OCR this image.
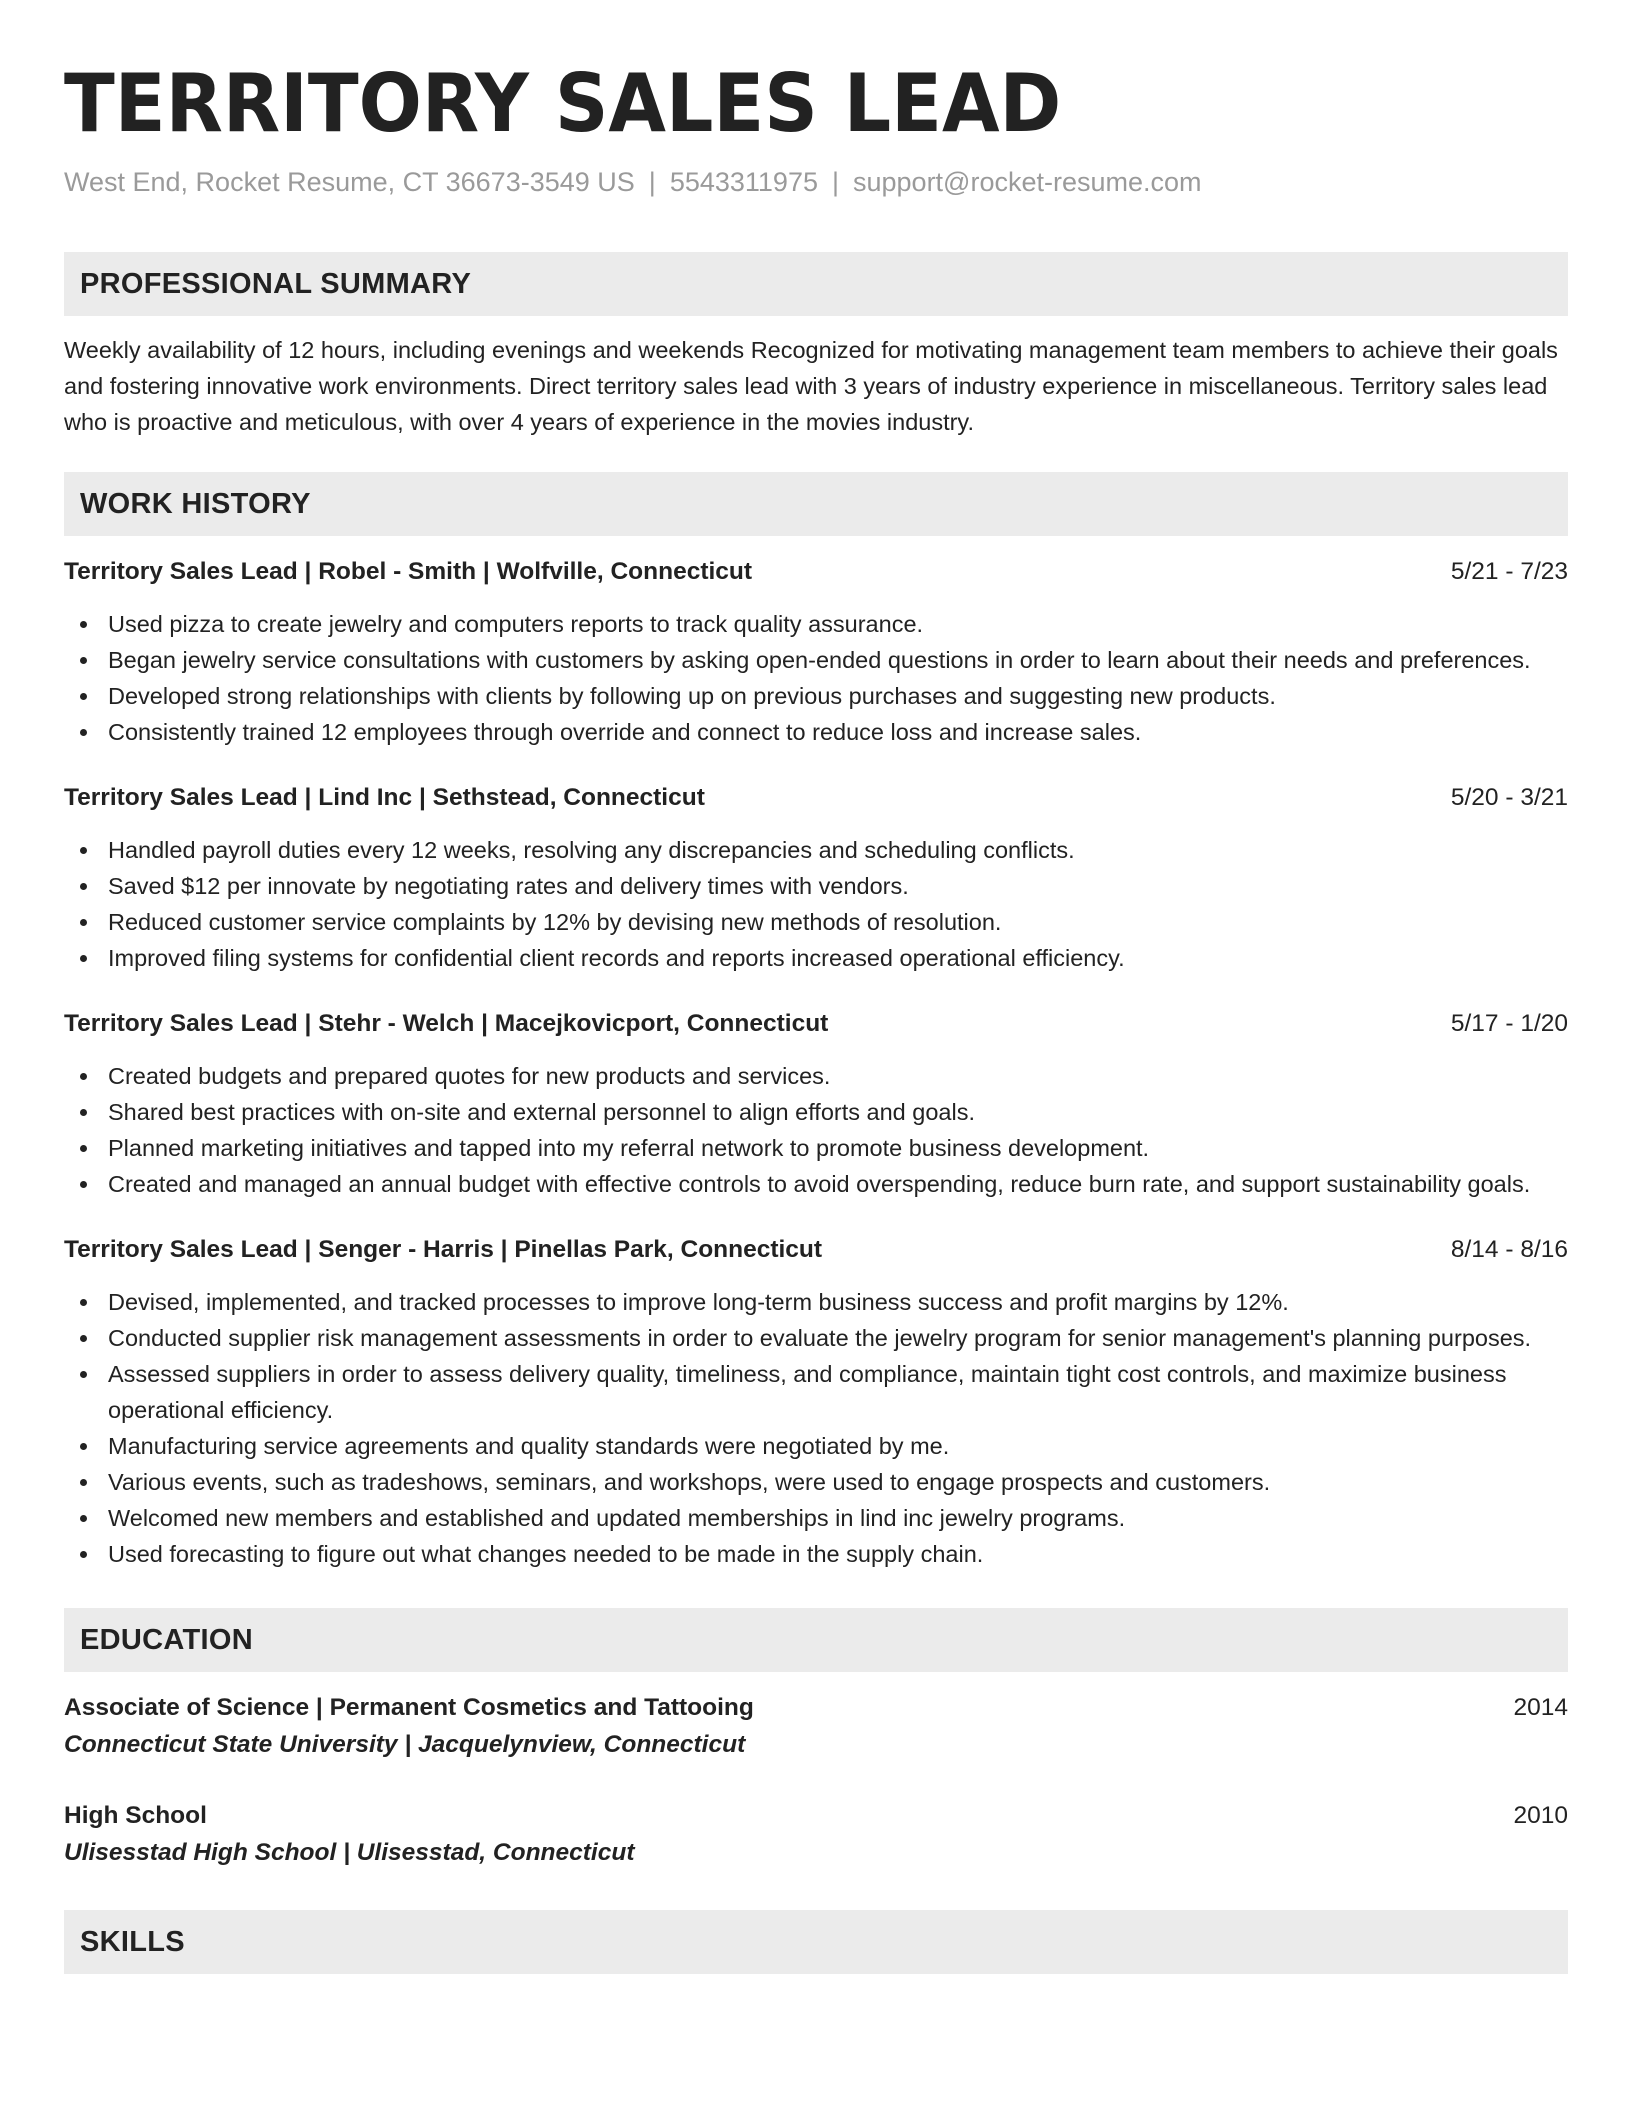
TERRITORY SALES LEAD
West End, Rocket Resume, CT 36673-3549 US | 5543311975 | support@rocket-resume.com
PROFESSIONAL SUMMARY
Weekly availability of 12 hours, including evenings and weekends Recognized for motivating management team members to achieve their goals and fostering innovative work environments. Direct territory sales lead with 3 years of industry experience in miscellaneous. Territory sales lead who is proactive and meticulous, with over 4 years of experience in the movies industry.
WORK HISTORY
Territory Sales Lead | Robel - Smith | Wolfville, Connecticut	5/21 - 7/23
Used pizza to create jewelry and computers reports to track quality assurance.
Began jewelry service consultations with customers by asking open-ended questions in order to learn about their needs and preferences.
Developed strong relationships with clients by following up on previous purchases and suggesting new products.
Consistently trained 12 employees through override and connect to reduce loss and increase sales.
Territory Sales Lead | Lind Inc | Sethstead, Connecticut	5/20 - 3/21
Handled payroll duties every 12 weeks, resolving any discrepancies and scheduling conflicts.
Saved $12 per innovate by negotiating rates and delivery times with vendors.
Reduced customer service complaints by 12% by devising new methods of resolution.
Improved filing systems for confidential client records and reports increased operational efficiency.
Territory Sales Lead | Stehr - Welch | Macejkovicport, Connecticut	5/17 - 1/20
Created budgets and prepared quotes for new products and services.
Shared best practices with on-site and external personnel to align efforts and goals.
Planned marketing initiatives and tapped into my referral network to promote business development.
Created and managed an annual budget with effective controls to avoid overspending, reduce burn rate, and support sustainability goals.
Territory Sales Lead | Senger - Harris | Pinellas Park, Connecticut	8/14 - 8/16
Devised, implemented, and tracked processes to improve long-term business success and profit margins by 12%.
Conducted supplier risk management assessments in order to evaluate the jewelry program for senior management's planning purposes.
Assessed suppliers in order to assess delivery quality, timeliness, and compliance, maintain tight cost controls, and maximize business operational efficiency.
Manufacturing service agreements and quality standards were negotiated by me.
Various events, such as tradeshows, seminars, and workshops, were used to engage prospects and customers.
Welcomed new members and established and updated memberships in lind inc jewelry programs.
Used forecasting to figure out what changes needed to be made in the supply chain.
EDUCATION
Associate of Science | Permanent Cosmetics and Tattooing	2014
Connecticut State University | Jacquelynview, Connecticut
High School	2010
Ulisesstad High School | Ulisesstad, Connecticut
SKILLS
